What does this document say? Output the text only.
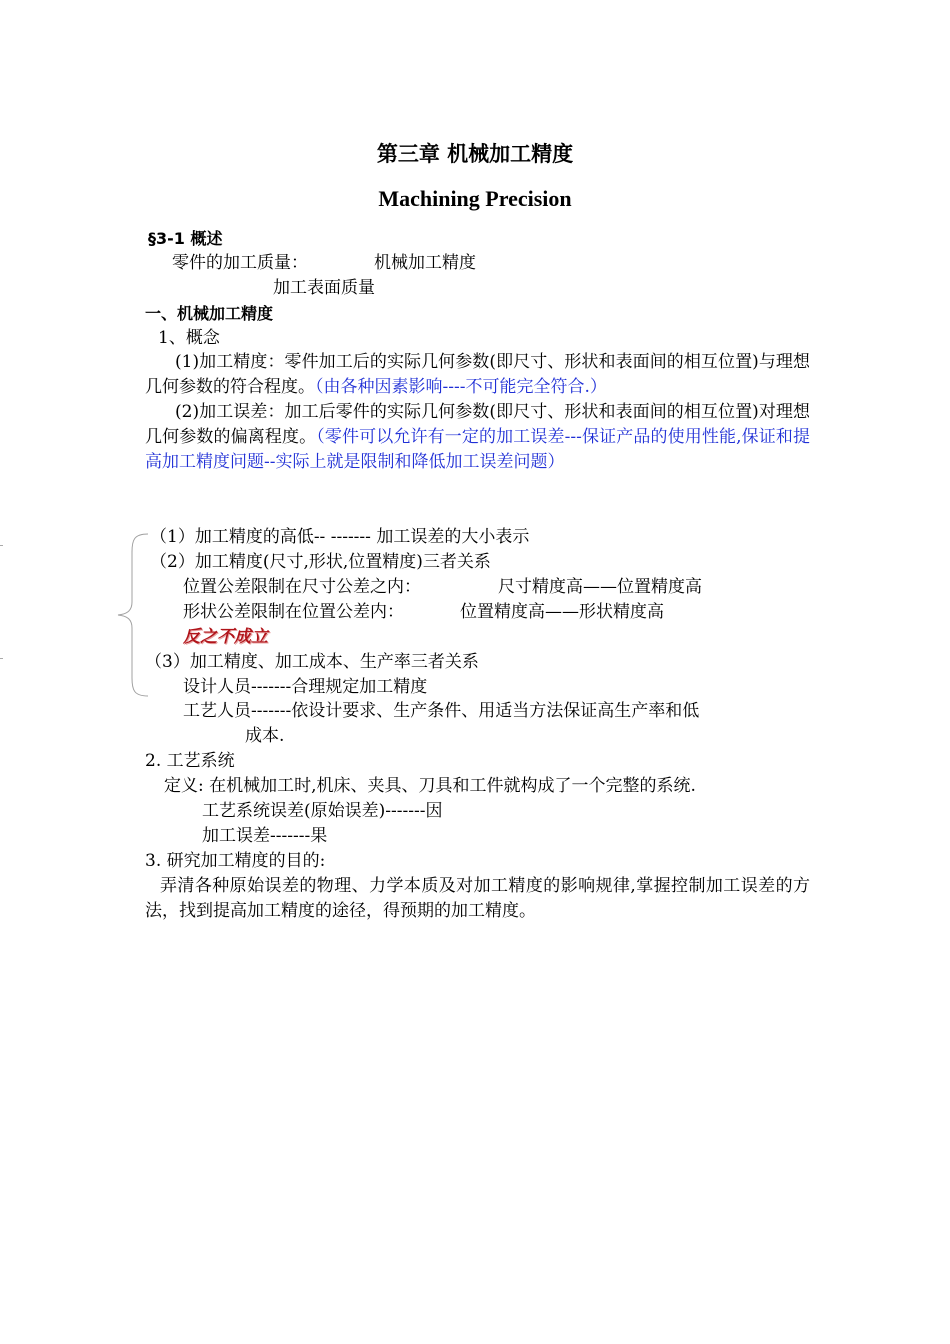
第三章 机械加工精度
Machining Precision
§3-1 概述
零件的加工质量：	机械加工精度
加工表面质量
一、机械加工精度
1、概念
(1)加工精度：零件加工后的实际几何参数(即尺寸、形状和表面间的相互位置)与理想几何参数的符合程度。（由各种因素影响----不可能完全符合.）
(2)加工误差：加工后零件的实际几何参数(即尺寸、形状和表面间的相互位置)对理想几何参数的偏离程度。（零件可以允许有一定的加工误差---保证产品的使用性能,保证和提高加工精度问题--实际上就是限制和降低加工误差问题）
（1）加工精度的高低-- ------- 加工误差的大小表示
（2）加工精度(尺寸,形状,位置精度)三者关系
位置公差限制在尺寸公差之内：	尺寸精度高——位置精度高
形状公差限制在位置公差内：	位置精度高——形状精度高
反之不成立
（3）加工精度、加工成本、生产率三者关系
设计人员-------合理规定加工精度
工艺人员-------依设计要求、生产条件、用适当方法保证高生产率和低
成本.
2. 工艺系统
定义: 在机械加工时,机床、夹具、刀具和工件就构成了一个完整的系统.
工艺系统误差(原始误差)-------因
加工误差-------果
3. 研究加工精度的目的:
弄清各种原始误差的物理、力学本质及对加工精度的影响规律,掌握控制加工误差的方法，找到提高加工精度的途径，得预期的加工精度。
